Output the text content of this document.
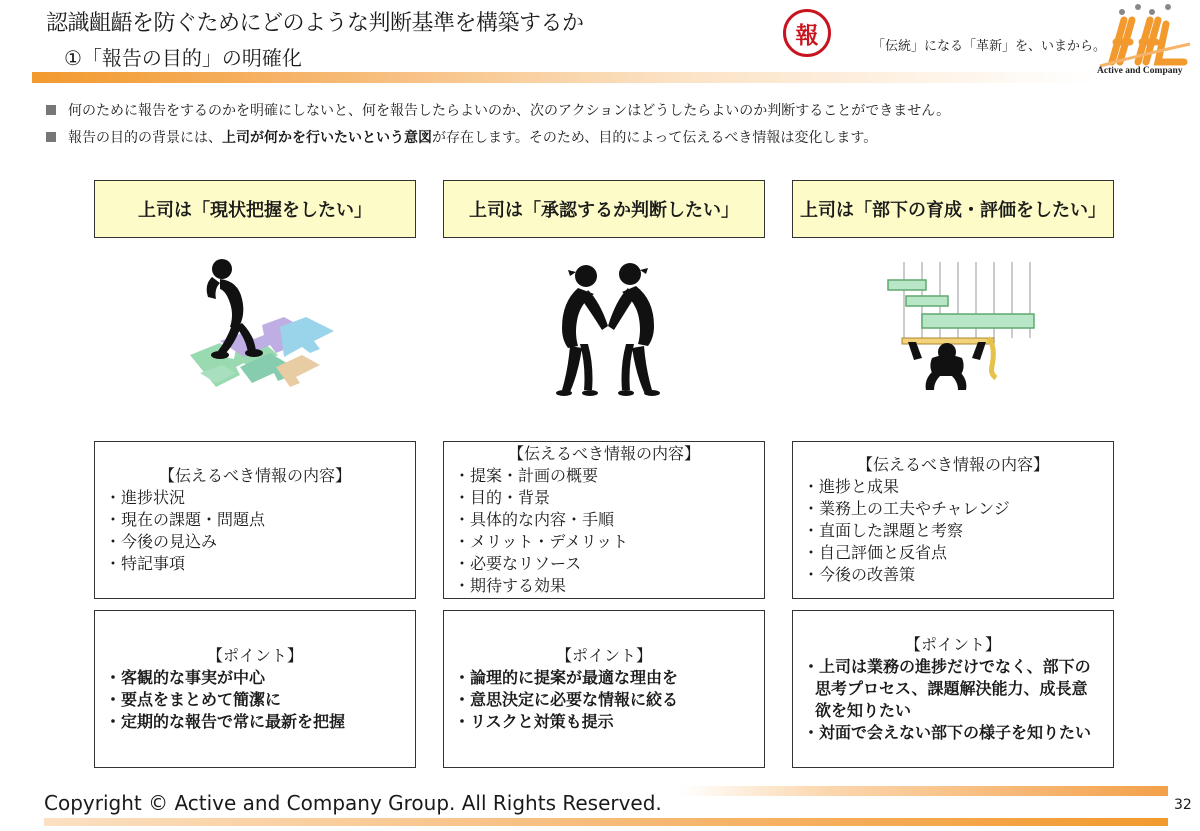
認識齟齬を防ぐためにどのような判断基準を構築するか
①「報告の目的」の明確化
報	「伝統」になる「革新」を、いまから。
Active and Company
何のために報告をするのかを明確にしないと、何を報告したらよいのか、次のアクションはどうしたらよいのか判断することができません。
報告の目的の背景には、 上司が何かを行いたいという意図 が存在します。そのため、目的によって伝えるべき情報は変化します。
上司は「現状把握をしたい」	上司は「承認するか判断したい」	上司は「部下の育成・評価をしたい」
【伝えるべき情報の内容】
・進捗状況
・現在の課題・問題点
・今後の見込み
・特記事項
【伝えるべき情報の内容】
・提案・計画の概要
・目的・背景
・具体的な内容・手順
・メリット・デメリット
・必要なリソース
・期待する効果
【伝えるべき情報の内容】
・進捗と成果
・業務上の工夫やチャレンジ
・直面した課題と考察
・自己評価と反省点
・今後の改善策
【ポイント】
・客観的な事実が中心
・要点をまとめて簡潔に
・定期的な報告で常に最新を把握
【ポイント】
・論理的に提案が最適な理由を
・意思決定に必要な情報に絞る
・リスクと対策も提示
【ポイント】
・上司は業務の進捗だけでなく、部下の思考プロセス、課題解決能力、成長意欲を知りたい
・対面で会えない部下の様子を知りたい
Copyright © Active and Company Group. All Rights Reserved.	32
